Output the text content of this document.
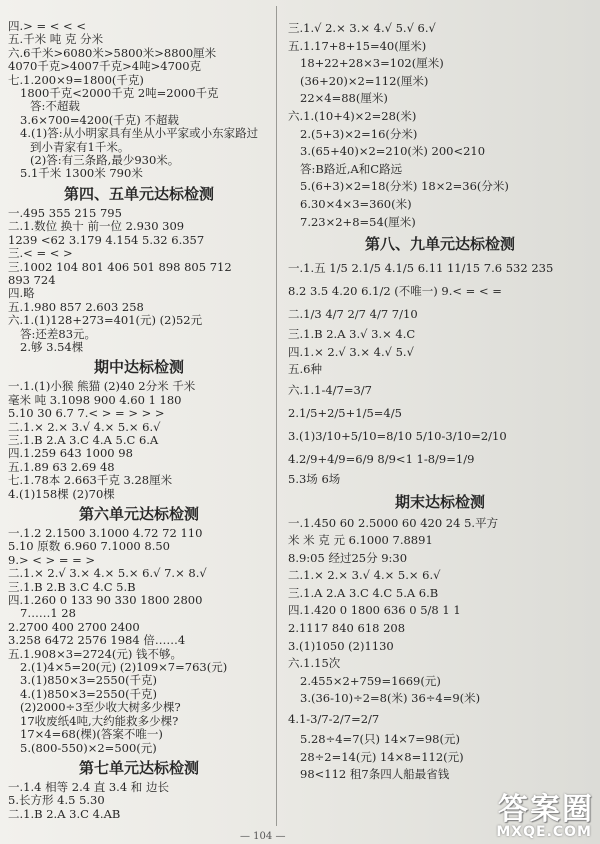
四.> = < < <
五.千米 吨 克 分米
六.6千米>6080米>5800米>8800厘米
4070千克>4007千克>4吨>4700克
七.1.200×9=1800(千克)
1800千克<2000千克 2吨=2000千克
答:不超载
3.6×700=4200(千克) 不超载
4.(1)答:从小明家具有坐从小平家或小东家路过
到小青家有1千米。
(2)答:有三条路,最少930米。
5.1千米 1300米 790米
第四、五单元达标检测
一.495 355 215 795
二.1.数位 换十 前一位 2.930 309
1239 <62 3.179 4.154 5.32 6.357
三.< = < >
三.1002 104 801 406 501 898 805 712
893 724
四.略
五.1.980 857 2.603 258
六.1.(1)128+273=401(元) (2)52元
答:还差83元。
2.够 3.54棵
期中达标检测
一.1.(1)小猴 熊猫 (2)40 2分米 千米
毫米 吨 3.1098 900 4.60 1 180
5.10 30 6.7 7.< > = > > >
二.1.× 2.× 3.√ 4.× 5.× 6.√
三.1.B 2.A 3.C 4.A 5.C 6.A
四.1.259 643 1000 98
五.1.89 63 2.69 48
七.1.78本 2.663千克 3.28厘米
4.(1)158棵 (2)70棵
第六单元达标检测
一.1.2 2.1500 3.1000 4.72 72 110
5.10 原数 6.960 7.1000 8.50
9.> < > = = >
二.1.× 2.√ 3.× 4.× 5.× 6.√ 7.× 8.√
三.1.B 2.B 3.C 4.C 5.B
四.1.260 0 133 90 330 1800 2800
7……1 28
2.2700 400 2700 2400
3.258 6472 2576 1984 倍……4
五.1.908×3=2724(元) 钱不够。
2.(1)4×5=20(元) (2)109×7=763(元)
3.(1)850×3=2550(千克)
4.(1)850×3=2550(千克)
(2)2000÷3至少收大树多少棵?
17收废纸4吨,大约能救多少棵?
17×4=68(棵)(答案不唯一)
5.(800-550)×2=500(元)
第七单元达标检测
一.1.4 相等 2.4 直 3.4 和 边长
5.长方形 4.5 5.30
二.1.B 2.A 3.C 4.AB
三.1.√ 2.× 3.× 4.√ 5.√ 6.√
五.1.17+8+15=40(厘米)
18+22+28×3=102(厘米)
(36+20)×2=112(厘米)
22×4=88(厘米)
六.1.(10+4)×2=28(米)
2.(5+3)×2=16(分米)
3.(65+40)×2=210(米) 200<210
答:B路近,A和C路远
5.(6+3)×2=18(分米) 18×2=36(分米)
6.30×4×3=360(米)
7.23×2+8=54(厘米)
第八、九单元达标检测
一.1.五 1/5 2.1/5 4.1/5 6.11 11/15 7.6 532 235
8.2 3.5 4.20 6.1/2 (不唯一) 9.< = < =
二.1/3 4/7 2/7 4/7 7/10
三.1.B 2.A 3.√ 3.× 4.C
四.1.× 2.√ 3.× 4.√ 5.√
五.6种
六.1.1-4/7=3/7
2.1/5+2/5+1/5=4/5
3.(1)3/10+5/10=8/10 5/10-3/10=2/10
4.2/9+4/9=6/9 8/9<1 1-8/9=1/9
5.3场 6场
期末达标检测
一.1.450 60 2.5000 60 420 24 5.平方
米 米 克 元 6.1000 7.8891
8.9:05 经过25分 9:30
二.1.× 2.× 3.√ 4.× 5.× 6.√
三.1.A 2.A 3.C 4.C 5.A 6.B
四.1.420 0 1800 636 0 5/8 1 1
2.1117 840 618 208
3.(1)1050 (2)1130
六.1.15次
2.455×2+759=1669(元)
3.(36-10)÷2=8(米) 36÷4=9(米)
4.1-3/7-2/7=2/7
5.28÷4=7(只) 14×7=98(元)
28÷2=14(元) 14×8=112(元)
98<112 租7条四人船最省钱
— 104 —
答案圈
MXQE.COM
